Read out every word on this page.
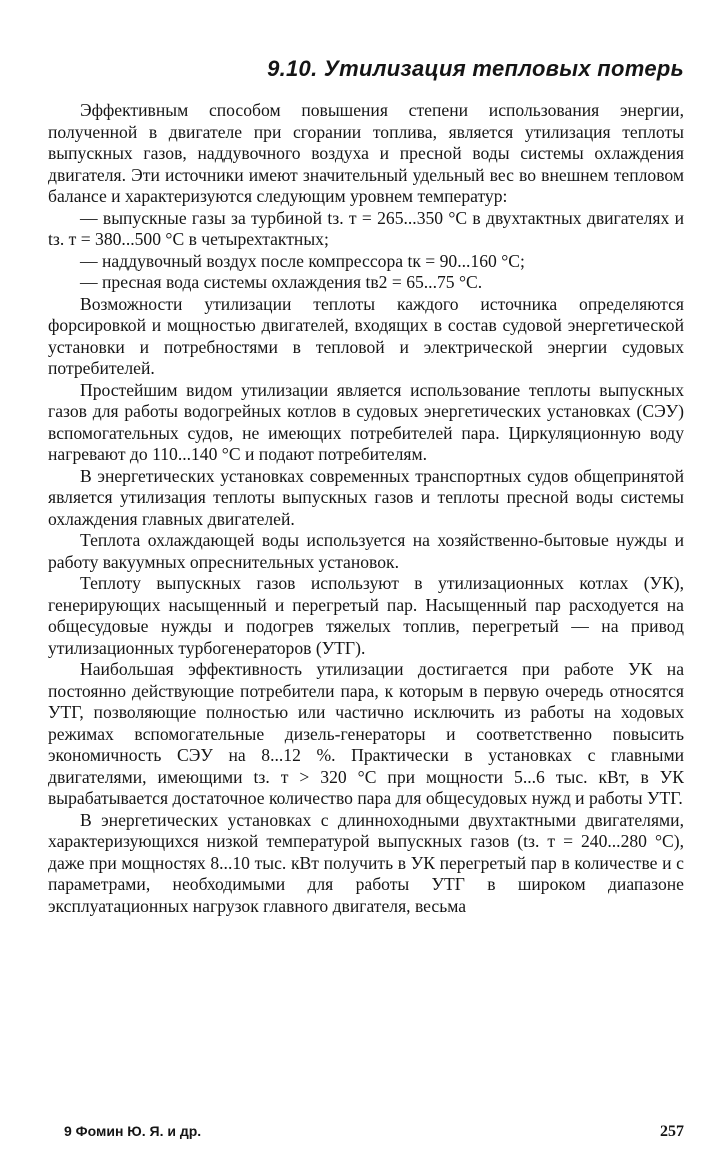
9.10. Утилизация тепловых потерь

Эффективным способом повышения степени использования энергии, полученной в двигателе при сгорании топлива, является утилизация теплоты выпускных газов, наддувочного воздуха и пресной воды системы охлаждения двигателя. Эти источники имеют значительный удельный вес во внешнем тепловом балансе и характеризуются следующим уровнем температур:

— выпускные газы за турбиной tз. т = 265...350 °С в двухтактных двигателях и tз. т = 380...500 °С в четырехтактных;

— наддувочный воздух после компрессора tк = 90...160 °С;

— пресная вода системы охлаждения tв2 = 65...75 °С.

Возможности утилизации теплоты каждого источника определяются форсировкой и мощностью двигателей, входящих в состав судовой энергетической установки и потребностями в тепловой и электрической энергии судовых потребителей.

Простейшим видом утилизации является использование теплоты выпускных газов для работы водогрейных котлов в судовых энергетических установках (СЭУ) вспомогательных судов, не имеющих потребителей пара. Циркуляционную воду нагревают до 110...140 °С и подают потребителям.

В энергетических установках современных транспортных судов общепринятой является утилизация теплоты выпускных газов и теплоты пресной воды системы охлаждения главных двигателей.

Теплота охлаждающей воды используется на хозяйственно-бытовые нужды и работу вакуумных опреснительных установок.

Теплоту выпускных газов используют в утилизационных котлах (УК), генерирующих насыщенный и перегретый пар. Насыщенный пар расходуется на общесудовые нужды и подогрев тяжелых топлив, перегретый — на привод утилизационных турбогенераторов (УТГ).

Наибольшая эффективность утилизации достигается при работе УК на постоянно действующие потребители пара, к которым в первую очередь относятся УТГ, позволяющие полностью или частично исключить из работы на ходовых режимах вспомогательные дизель-генераторы и соответственно повысить экономичность СЭУ на 8...12 %. Практически в установках с главными двигателями, имеющими tз. т > 320 °С при мощности 5...6 тыс. кВт, в УК вырабатывается достаточное количество пара для общесудовых нужд и работы УТГ.

В энергетических установках с длинноходными двухтактными двигателями, характеризующихся низкой температурой выпускных газов (tз. т = 240...280 °С), даже при мощностях 8...10 тыс. кВт получить в УК перегретый пар в количестве и с параметрами, необходимыми для работы УТГ в широком диапазоне эксплуатационных нагрузок главного двигателя, весьма

9 Фомин Ю. Я. и др.	257
